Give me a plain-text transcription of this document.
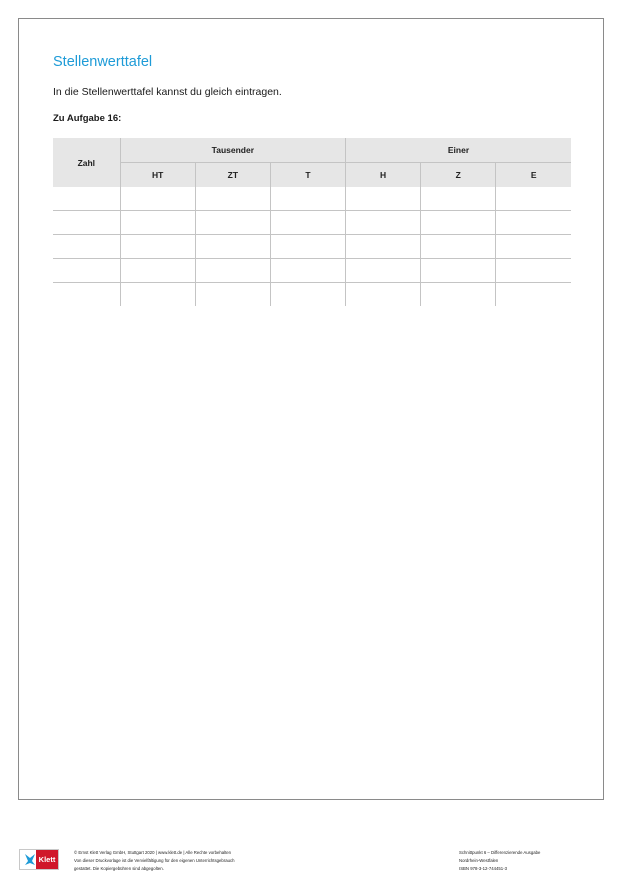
Stellenwerttafel

In die Stellenwerttafel kannst du gleich eintragen.

Zu Aufgabe 16:

Zahl	Tausender			Einer		
	HT	ZT	T	H	Z	E

Klett
© Ernst Klett Verlag GmbH, Stuttgart 2020 | www.klett.de | Alle Rechte vorbehalten
Von dieser Druckvorlage ist die Vervielfältigung für den eigenen Unterrichtsgebrauch
gestattet. Die Kopiergebühren sind abgegolten.
Schnittpunkt 6 – Differenzierende Ausgabe
Nordrhein-Westfalen
ISBN 978-3-12-744451-3
